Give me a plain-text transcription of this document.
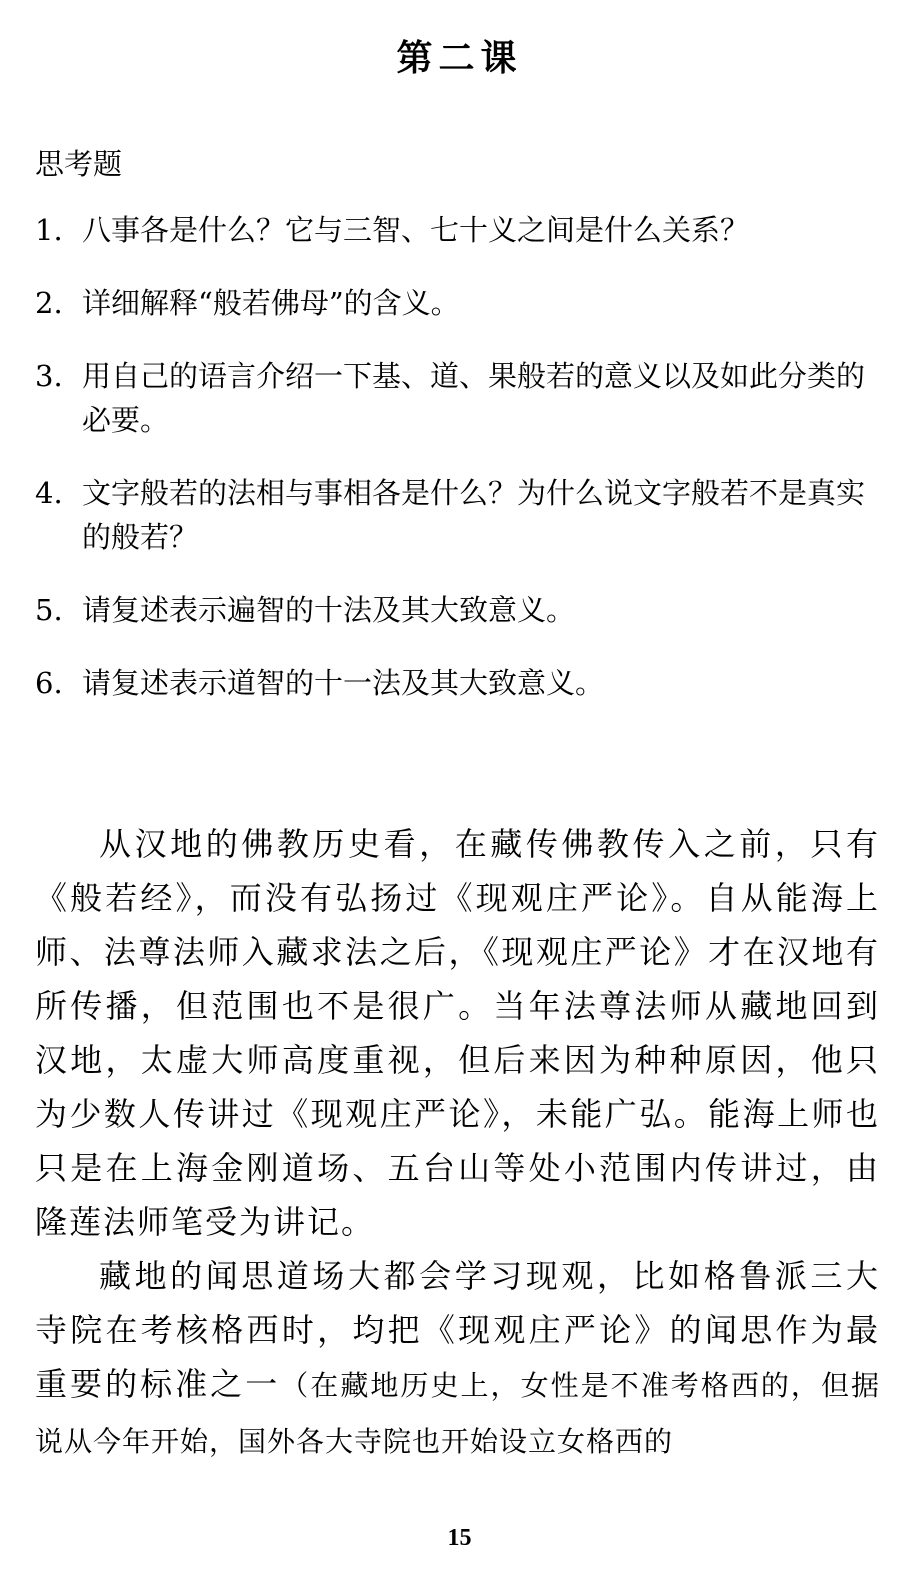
第二课
思考题
1. 八事各是什么？它与三智、七十义之间是什么关系？
2. 详细解释“般若佛母”的含义。
3. 用自己的语言介绍一下基、道、果般若的意义以及如此分类的必要。
4. 文字般若的法相与事相各是什么？为什么说文字般若不是真实的般若？
5. 请复述表示遍智的十法及其大致意义。
6. 请复述表示道智的十一法及其大致意义。

从汉地的佛教历史看，在藏传佛教传入之前，只有《般若经》，而没有弘扬过《现观庄严论》。自从能海上师、法尊法师入藏求法之后，《现观庄严论》才在汉地有所传播，但范围也不是很广。当年法尊法师从藏地回到汉地，太虚大师高度重视，但后来因为种种原因，他只为少数人传讲过《现观庄严论》，未能广弘。能海上师也只是在上海金刚道场、五台山等处小范围内传讲过，由隆莲法师笔受为讲记。

藏地的闻思道场大都会学习现观，比如格鲁派三大寺院在考核格西时，均把《现观庄严论》的闻思作为最重要的标准之一（在藏地历史上，女性是不准考格西的，但据说从今年开始，国外各大寺院也开始设立女格西的

15
